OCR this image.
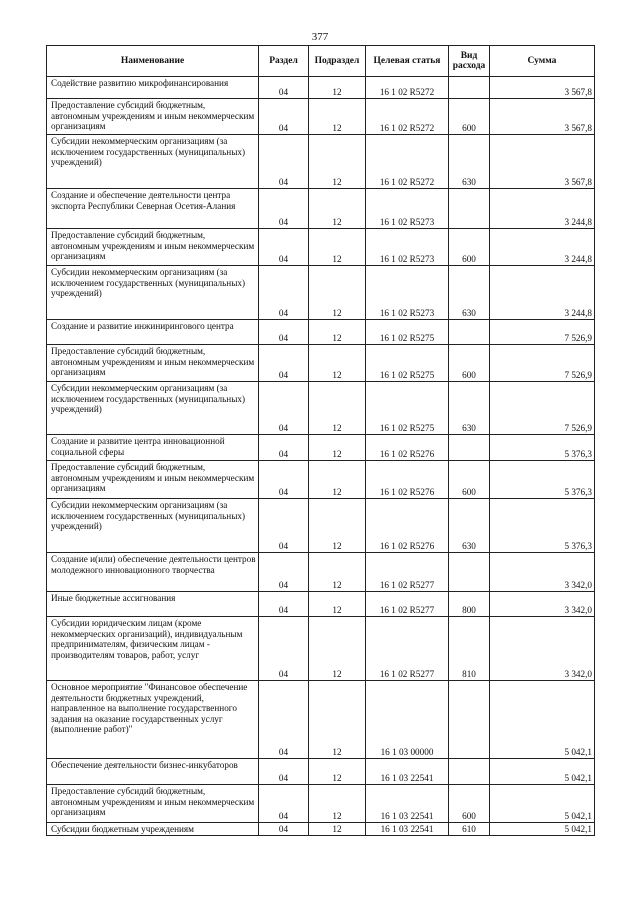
377
Наименование	Раздел	Подраздел	Целевая статья	Вид расхода	Сумма
Содействие развитию микрофинансирования	04	12	16 1 02 R5272		3 567,8
Предоставление субсидий бюджетным, автономным учреждениям и иным некоммерческим организациям	04	12	16 1 02 R5272	600	3 567,8
Субсидии некоммерческим организациям (за исключением государственных (муниципальных) учреждений)	04	12	16 1 02 R5272	630	3 567,8
Создание и обеспечение деятельности центра экспорта Республики Северная Осетия-Алания	04	12	16 1 02 R5273		3 244,8
Предоставление субсидий бюджетным, автономным учреждениям и иным некоммерческим организациям	04	12	16 1 02 R5273	600	3 244,8
Субсидии некоммерческим организациям (за исключением государственных (муниципальных) учреждений)	04	12	16 1 02 R5273	630	3 244,8
Создание и развитие инжинирингового центра	04	12	16 1 02 R5275		7 526,9
Предоставление субсидий бюджетным, автономным учреждениям и иным некоммерческим организациям	04	12	16 1 02 R5275	600	7 526,9
Субсидии некоммерческим организациям (за исключением государственных (муниципальных) учреждений)	04	12	16 1 02 R5275	630	7 526,9
Создание и развитие центра инновационной социальной сферы	04	12	16 1 02 R5276		5 376,3
Предоставление субсидий бюджетным, автономным учреждениям и иным некоммерческим организациям	04	12	16 1 02 R5276	600	5 376,3
Субсидии некоммерческим организациям (за исключением государственных (муниципальных) учреждений)	04	12	16 1 02 R5276	630	5 376,3
Создание и(или) обеспечение деятельности центров молодежного инновационного творчества	04	12	16 1 02 R5277		3 342,0
Иные бюджетные ассигнования	04	12	16 1 02 R5277	800	3 342,0
Субсидии юридическим лицам (кроме некоммерческих организаций), индивидуальным предпринимателям, физическим лицам - производителям товаров, работ, услуг	04	12	16 1 02 R5277	810	3 342,0
Основное мероприятие "Финансовое обеспечение деятельности бюджетных учреждений, направленное на выполнение государственного задания на оказание государственных услуг (выполнение работ)"	04	12	16 1 03 00000		5 042,1
Обеспечение деятельности бизнес-инкубаторов	04	12	16 1 03 22541		5 042,1
Предоставление субсидий бюджетным, автономным учреждениям и иным некоммерческим организациям	04	12	16 1 03 22541	600	5 042,1
Субсидии бюджетным учреждениям	04	12	16 1 03 22541	610	5 042,1
